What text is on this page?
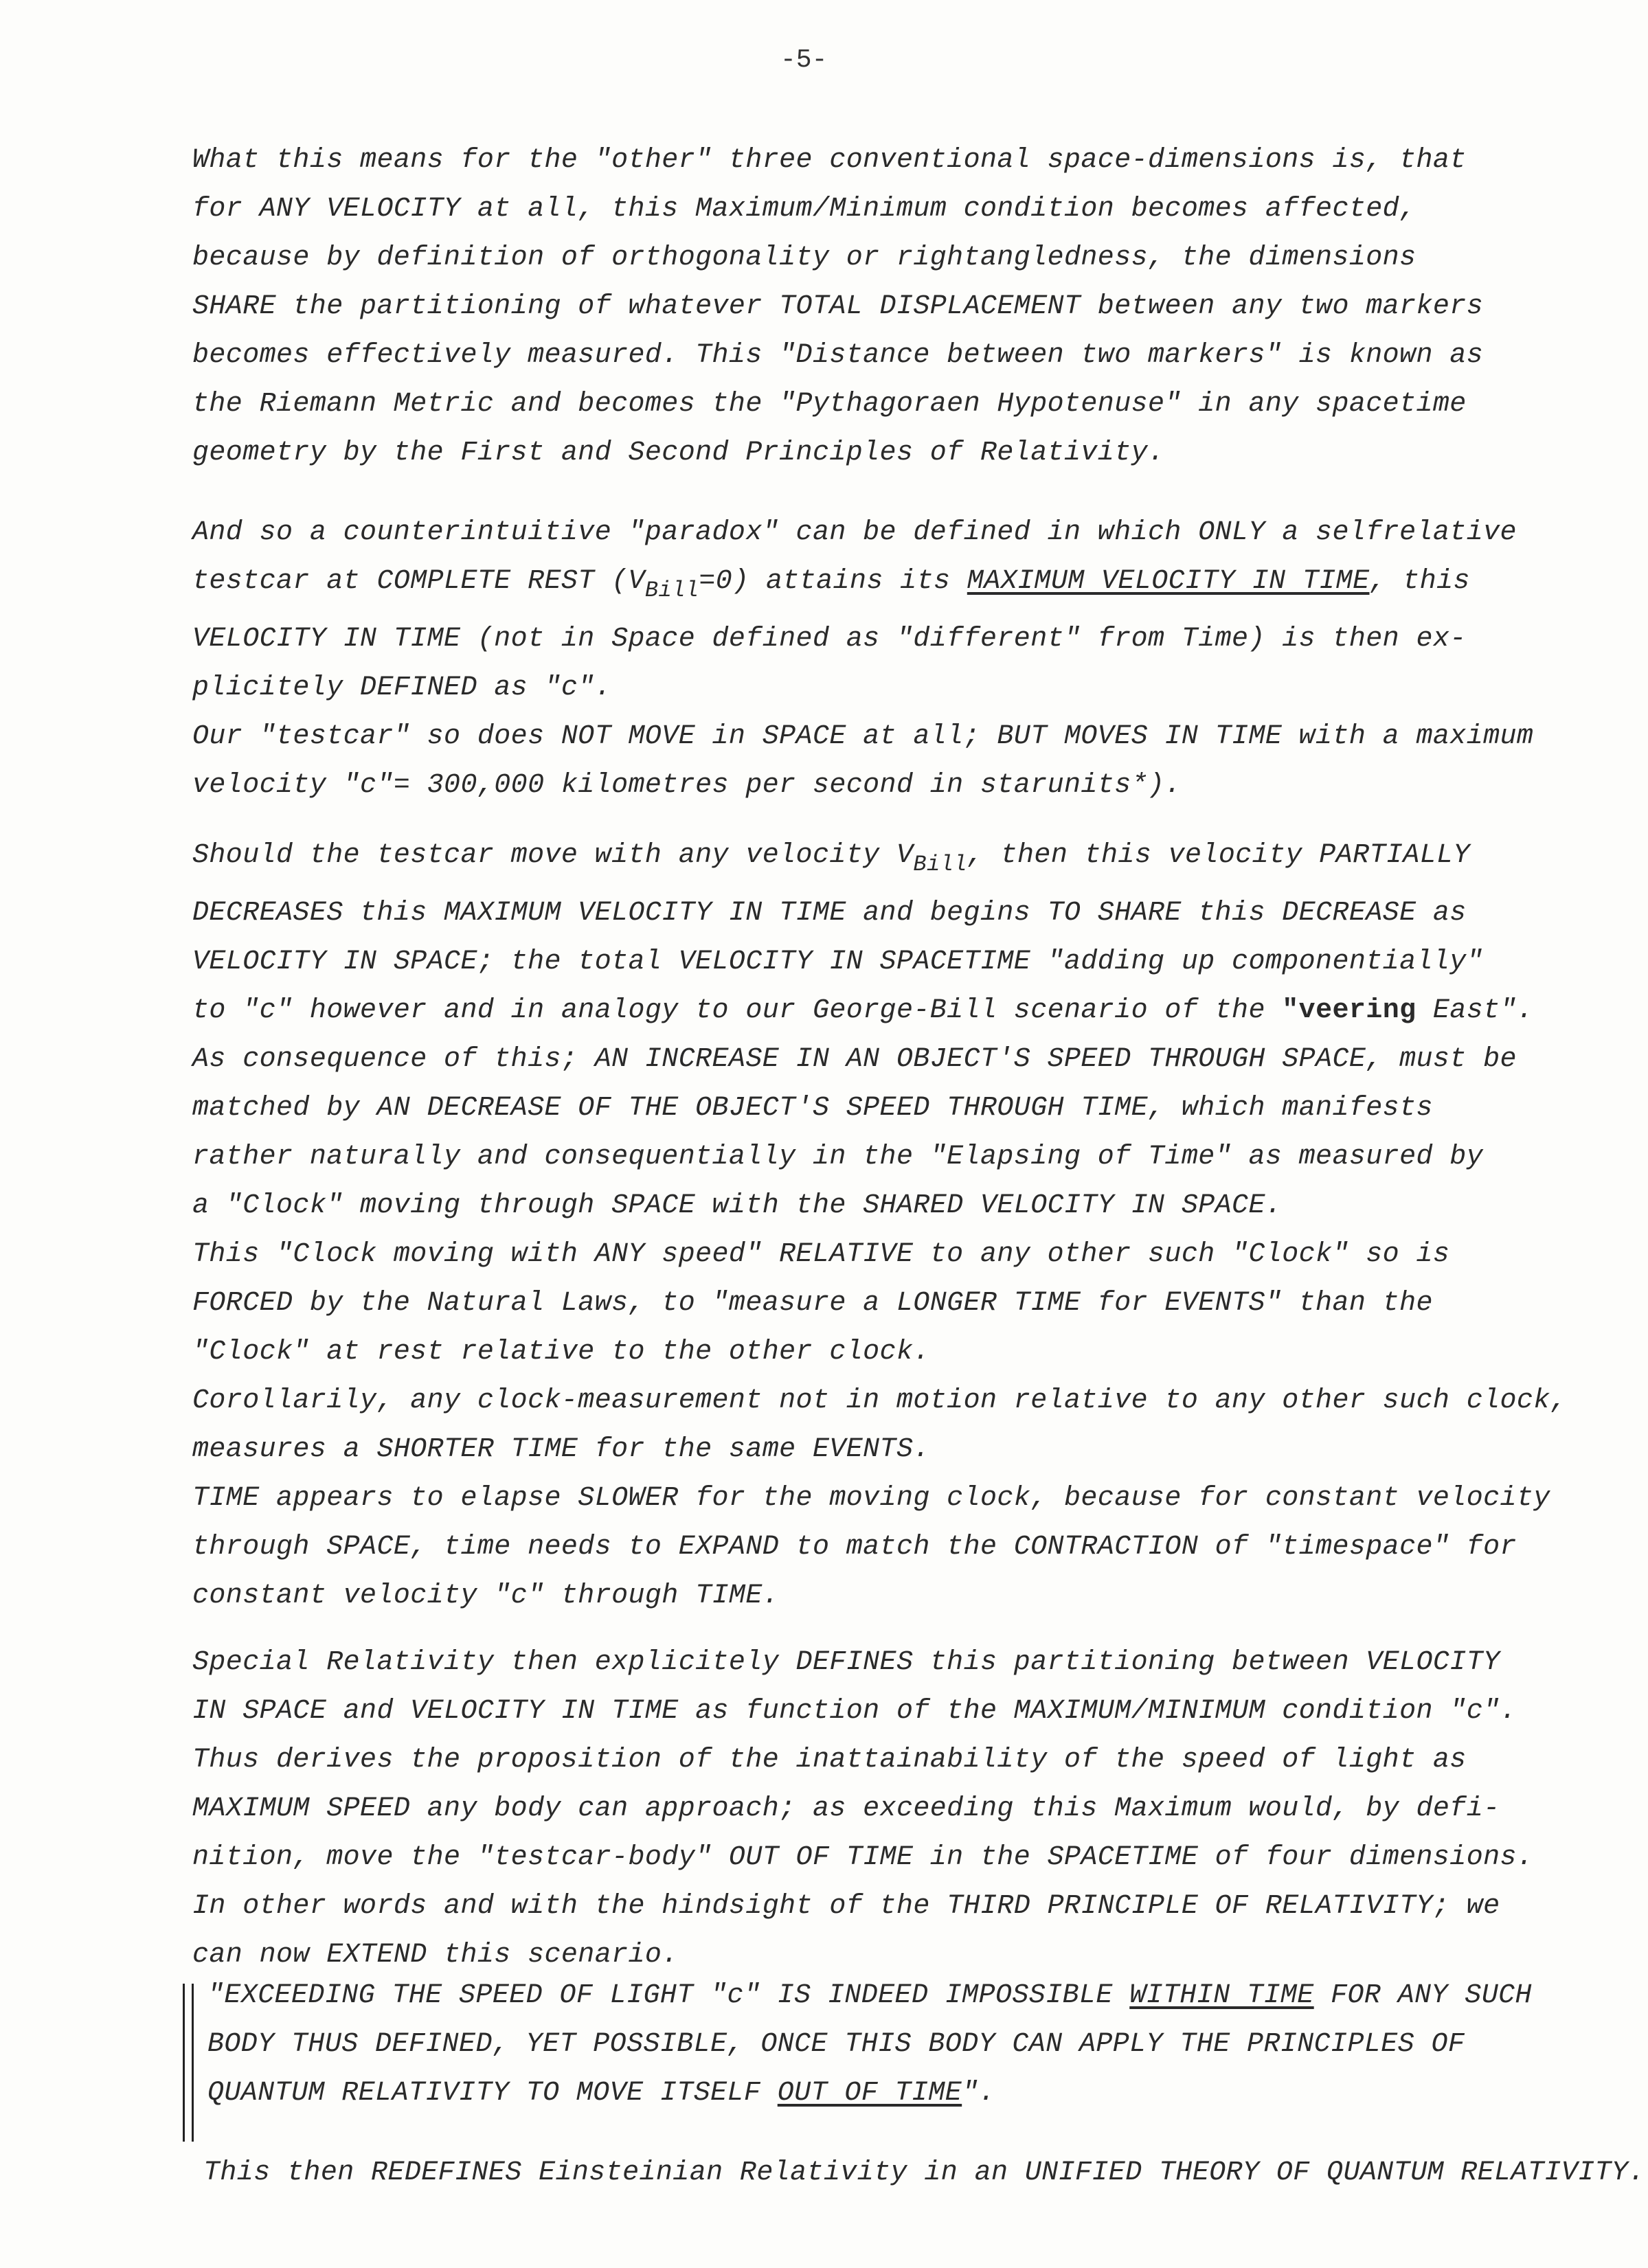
-5-

What this means for the "other" three conventional space-dimensions is, that

for ANY VELOCITY at all, this Maximum/Minimum condition becomes affected,

because by definition of orthogonality or rightangledness, the dimensions

SHARE the partitioning of whatever TOTAL DISPLACEMENT between any two markers

becomes effectively measured. This "Distance between two markers" is known as

the Riemann Metric and becomes the "Pythagoraen Hypotenuse" in any spacetime

geometry by the First and Second Principles of Relativity.

And so a counterintuitive "paradox" can be defined in which ONLY a selfrelative

testcar at COMPLETE REST $(V_{Bill}=0)$ attains its MAXIMUM VELOCITY IN TIME, this

VELOCITY IN TIME (not in Space defined as "different" from Time) is then ex-

plicitely DEFINED as "c".

Our "testcar" so does NOT MOVE in SPACE at all; BUT MOVES IN TIME with a maximum

velocity "c"= 300,000 kilometres per second in starunits*).

Should the testcar move with any velocity $V_{Bill}$, then this velocity PARTIALLY

DECREASES this MAXIMUM VELOCITY IN TIME and begins TO SHARE this DECREASE as

VELOCITY IN SPACE; the total VELOCITY IN SPACETIME "adding up componentially"

to "c" however and in analogy to our George-Bill scenario of the "veering East".

As consequence of this; AN INCREASE IN AN OBJECT'S SPEED THROUGH SPACE, must be

matched by AN DECREASE OF THE OBJECT'S SPEED THROUGH TIME, which manifests

rather naturally and consequentially in the "Elapsing of Time" as measured by

a "Clock" moving through SPACE with the SHARED VELOCITY IN SPACE.

This "Clock moving with ANY speed" RELATIVE to any other such "Clock" so is

FORCED by the Natural Laws, to "measure a LONGER TIME for EVENTS" than the

"Clock" at rest relative to the other clock.

Corollarily, any clock-measurement not in motion relative to any other such clock,

measures a SHORTER TIME for the same EVENTS.

TIME appears to elapse SLOWER for the moving clock, because for constant velocity

through SPACE, time needs to EXPAND to match the CONTRACTION of "timespace" for

constant velocity "c" through TIME.

Special Relativity then explicitely DEFINES this partitioning between VELOCITY

IN SPACE and VELOCITY IN TIME as function of the MAXIMUM/MINIMUM condition "c".

Thus derives the proposition of the inattainability of the speed of light as

MAXIMUM SPEED any body can approach; as exceeding this Maximum would, by defi-

nition, move the "testcar-body" OUT OF TIME in the SPACETIME of four dimensions.

In other words and with the hindsight of the THIRD PRINCIPLE OF RELATIVITY; we

can now EXTEND this scenario.

"EXCEEDING THE SPEED OF LIGHT "c" IS INDEED IMPOSSIBLE WITHIN TIME FOR ANY SUCH

BODY THUS DEFINED, YET POSSIBLE, ONCE THIS BODY CAN APPLY THE PRINCIPLES OF

QUANTUM RELATIVITY TO MOVE ITSELF OUT OF TIME".

This then REDEFINES Einsteinian Relativity in an UNIFIED THEORY OF QUANTUM RELATIVITY.
